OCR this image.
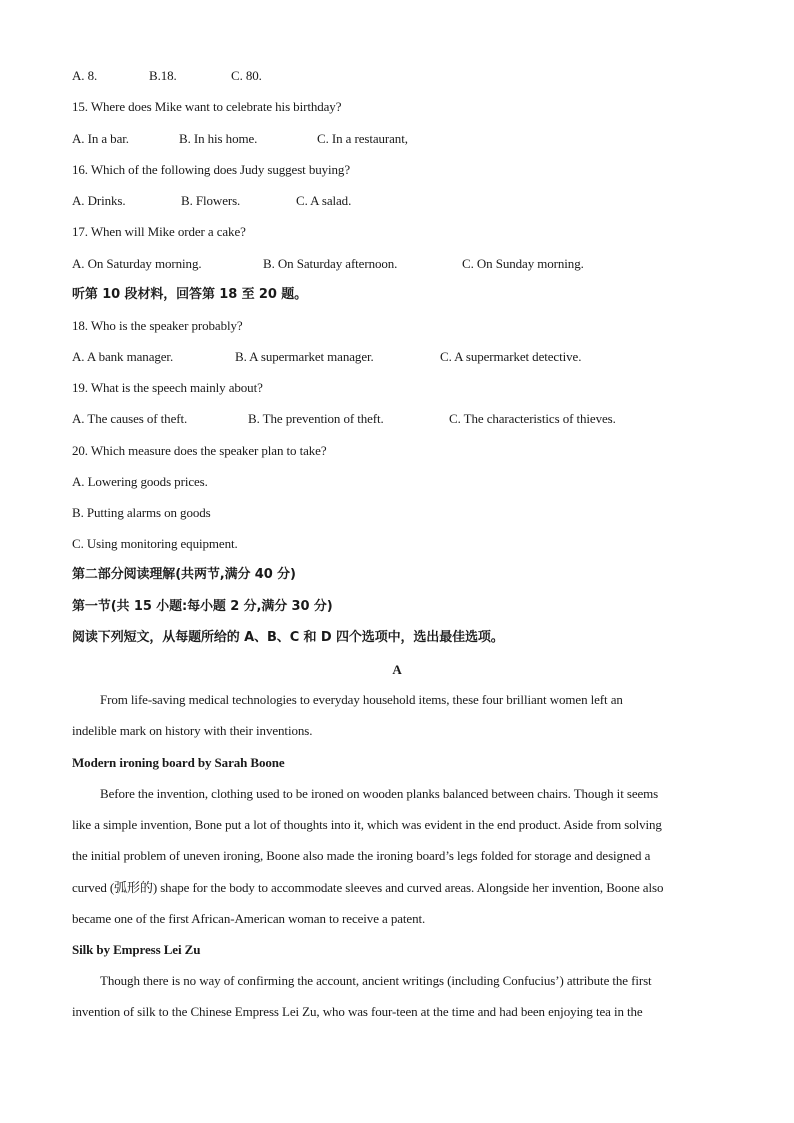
A. 8.	B.18.	C. 80.
15. Where does Mike want to celebrate his birthday?
A. In a bar.	B. In his home.	C. In a restaurant,
16. Which of the following does Judy suggest buying?
A. Drinks.	B. Flowers.	C. A salad.
17. When will Mike order a cake?
A. On Saturday morning.	B. On Saturday afternoon.	C. On Sunday morning.
听第 10 段材料，回答第 18 至 20 题。
18. Who is the speaker probably?
A. A bank manager.	B. A supermarket manager.	C. A supermarket detective.
19. What is the speech mainly about?
A. The causes of theft.	B. The prevention of theft.	C. The characteristics of thieves.
20. Which measure does the speaker plan to take?
A. Lowering goods prices.
B. Putting alarms on goods
C. Using monitoring equipment.
第二部分阅读理解(共两节,满分 40 分)
第一节(共 15 小题:每小题 2 分,满分 30 分)
阅读下列短文，从每题所给的 A、B、C 和 D 四个选项中，选出最佳选项。
A
From life-saving medical technologies to everyday household items, these four brilliant women left an
indelible mark on history with their inventions.
Modern ironing board by Sarah Boone
Before the invention, clothing used to be ironed on wooden planks balanced between chairs. Though it seems
like a simple invention, Bone put a lot of thoughts into it, which was evident in the end product. Aside from solving
the initial problem of uneven ironing, Boone also made the ironing board’s legs folded for storage and designed a
curved (弧形的) shape for the body to accommodate sleeves and curved areas. Alongside her invention, Boone also
became one of the first African-American woman to receive a patent.
Silk by Empress Lei Zu
Though there is no way of confirming the account, ancient writings (including Confucius’) attribute the first
invention of silk to the Chinese Empress Lei Zu, who was four-teen at the time and had been enjoying tea in the
